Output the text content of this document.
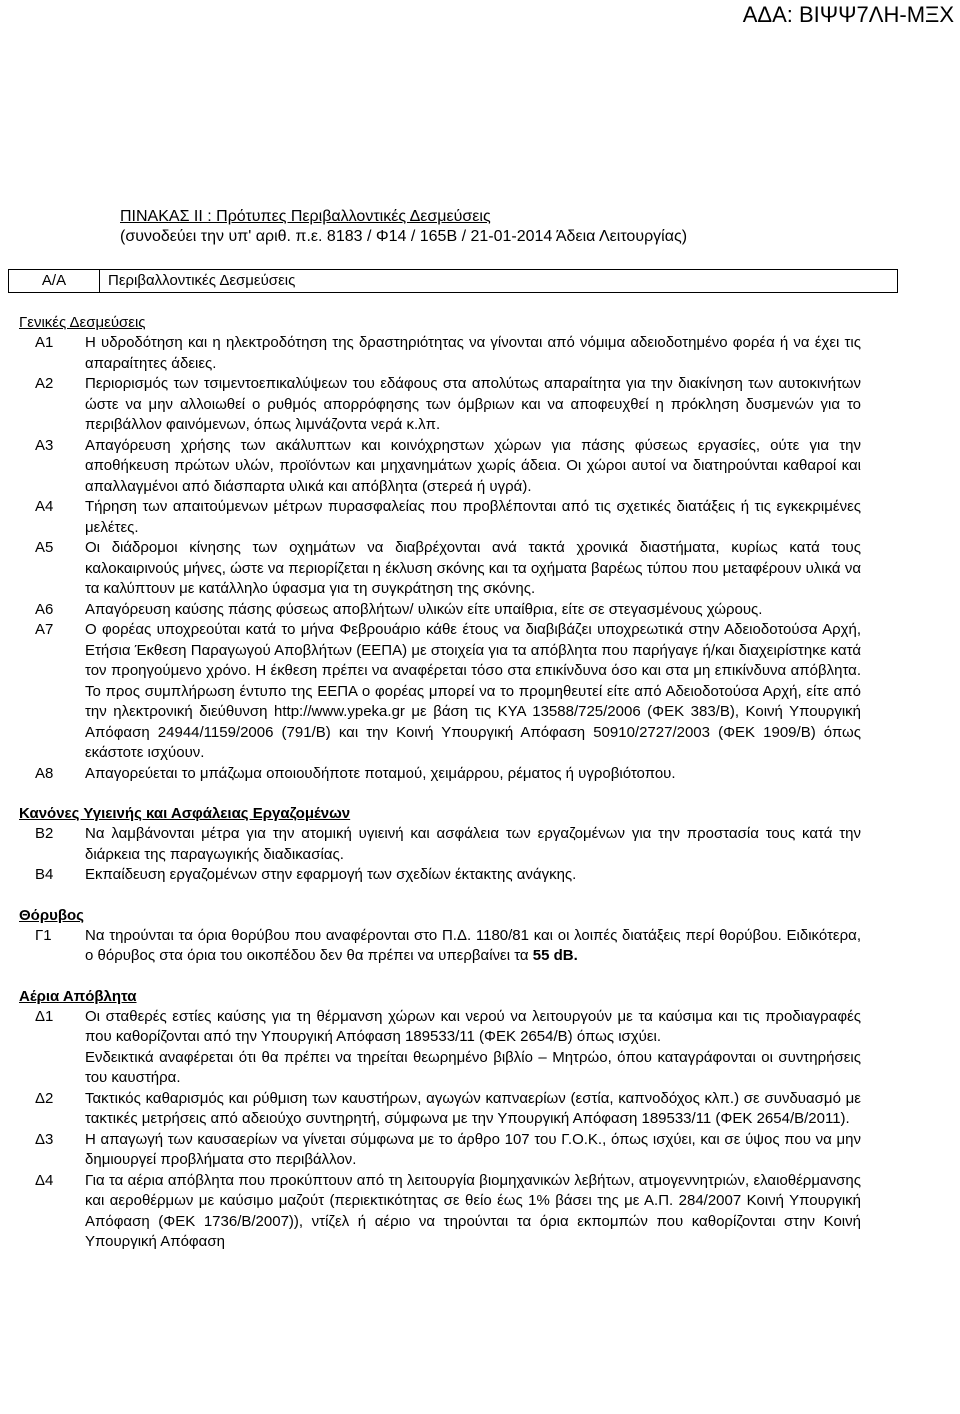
ΑΔΑ: ΒΙΨΨ7ΛΗ-ΜΞΧ
ΠΙΝΑΚΑΣ ΙΙ : Πρότυπες Περιβαλλοντικές Δεσμεύσεις
(συνοδεύει την υπ' αριθ. π.ε. 8183 / Φ14 / 165Β / 21-01-2014 Άδεια Λειτουργίας)
Α/Α	Περιβαλλοντικές Δεσμεύσεις
Γενικές Δεσμεύσεις
Α1	Η υδροδότηση και η ηλεκτροδότηση της δραστηριότητας να γίνονται από νόμιμα αδειοδοτημένο φορέα ή να έχει τις απαραίτητες άδειες.
Α2	Περιορισμός των τσιμεντοεπικαλύψεων του εδάφους στα απολύτως απαραίτητα για την διακίνηση των αυτοκινήτων ώστε να μην αλλοιωθεί ο ρυθμός απορρόφησης των όμβριων και να αποφευχθεί η πρόκληση δυσμενών για το περιβάλλον φαινόμενων, όπως λιμνάζοντα νερά κ.λπ.
Α3	Απαγόρευση χρήσης των ακάλυπτων και κοινόχρηστων χώρων για πάσης φύσεως εργασίες, ούτε για την αποθήκευση πρώτων υλών, προϊόντων και μηχανημάτων χωρίς άδεια. Οι χώροι αυτοί να διατηρούνται καθαροί και απαλλαγμένοι από διάσπαρτα υλικά και απόβλητα (στερεά ή υγρά).
Α4	Τήρηση των απαιτούμενων μέτρων πυρασφαλείας που προβλέπονται από τις σχετικές διατάξεις ή τις εγκεκριμένες μελέτες.
Α5	Οι διάδρομοι κίνησης των οχημάτων να διαβρέχονται ανά τακτά χρονικά διαστήματα, κυρίως κατά τους καλοκαιρινούς μήνες, ώστε να περιορίζεται η έκλυση σκόνης και τα οχήματα βαρέως τύπου που μεταφέρουν υλικά να τα καλύπτουν με κατάλληλο ύφασμα για τη συγκράτηση της σκόνης.
Α6	Απαγόρευση καύσης πάσης φύσεως αποβλήτων/ υλικών είτε υπαίθρια, είτε σε στεγασμένους χώρους.
Α7	Ο φορέας υποχρεούται κατά το μήνα Φεβρουάριο κάθε έτους να διαβιβάζει υποχρεωτικά στην Αδειοδοτούσα Αρχή, Ετήσια Έκθεση Παραγωγού Αποβλήτων (ΕΕΠΑ) με στοιχεία για τα απόβλητα που παρήγαγε ή/και διαχειρίστηκε κατά τον προηγούμενο χρόνο. Η έκθεση πρέπει να αναφέρεται τόσο στα επικίνδυνα όσο και στα μη επικίνδυνα απόβλητα. Το προς συμπλήρωση έντυπο της ΕΕΠΑ ο φορέας μπορεί να το προμηθευτεί είτε από Αδειοδοτούσα Αρχή, είτε από την ηλεκτρονική διεύθυνση http://www.ypeka.gr με βάση τις ΚΥΑ 13588/725/2006 (ΦΕΚ 383/Β), Κοινή Υπουργική Απόφαση 24944/1159/2006 (791/Β) και την Κοινή Υπουργική Απόφαση 50910/2727/2003 (ΦΕΚ 1909/Β) όπως εκάστοτε ισχύουν.
Α8	Απαγορεύεται το μπάζωμα οποιουδήποτε ποταμού, χειμάρρου, ρέματος ή υγροβιότοπου.
Κανόνες Υγιεινής και Ασφάλειας Εργαζομένων
Β2	Να λαμβάνονται μέτρα για την ατομική υγιεινή και ασφάλεια των εργαζομένων για την προστασία τους κατά την διάρκεια της παραγωγικής διαδικασίας.
Β4	Εκπαίδευση εργαζομένων στην εφαρμογή των σχεδίων έκτακτης ανάγκης.
Θόρυβος
Γ1	Να τηρούνται τα όρια θορύβου που αναφέρονται στο Π.Δ. 1180/81 και οι λοιπές διατάξεις περί θορύβου. Ειδικότερα, ο θόρυβος στα όρια του οικοπέδου δεν θα πρέπει να υπερβαίνει τα 55 dB.
Αέρια Απόβλητα
Δ1	Οι σταθερές εστίες καύσης για τη θέρμανση χώρων και νερού να λειτουργούν με τα καύσιμα και τις προδιαγραφές που καθορίζονται από την Υπουργική Απόφαση 189533/11 (ΦΕΚ 2654/Β) όπως ισχύει.

Ενδεικτικά αναφέρεται ότι θα πρέπει να τηρείται θεωρημένο βιβλίο – Μητρώο, όπου καταγράφονται οι συντηρήσεις του καυστήρα.

Δ2	Τακτικός καθαρισμός και ρύθμιση των καυστήρων, αγωγών καπναερίων (εστία, καπνοδόχος κλπ.) σε συνδυασμό με τακτικές μετρήσεις από αδειούχο συντηρητή, σύμφωνα με την Υπουργική Απόφαση 189533/11 (ΦΕΚ 2654/Β/2011).
Δ3	Η απαγωγή των καυσαερίων να γίνεται σύμφωνα με το άρθρο 107 του Γ.Ο.Κ., όπως ισχύει, και σε ύψος που να μην δημιουργεί προβλήματα στο περιβάλλον.
Δ4	Για τα αέρια απόβλητα που προκύπτουν από τη λειτουργία βιομηχανικών λεβήτων, ατμογεννητριών, ελαιοθέρμανσης και αεροθέρμων με καύσιμο μαζούτ (περιεκτικότητας σε θείο έως 1% βάσει της με Α.Π. 284/2007 Κοινή Υπουργική Απόφαση (ΦΕΚ 1736/Β/2007)), ντίζελ ή αέριο να τηρούνται τα όρια εκπομπών που καθορίζονται στην Κοινή Υπουργική Απόφαση
